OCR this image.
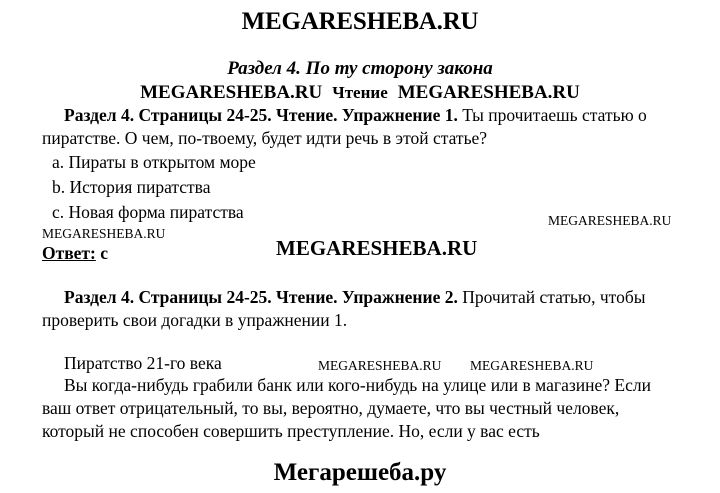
MEGARESHEBA.RU
Раздел 4. По ту сторону закона
MEGARESHEBA.RU Чтение MEGARESHEBA.RU
Раздел 4. Страницы 24-25. Чтение. Упражнение 1. Ты прочитаешь статью о пиратстве. О чем, по-твоему, будет идти речь в этой статье?
a. Пираты в открытом море
b. История пиратства
c. Новая форма пиратства
Ответ: c
Раздел 4. Страницы 24-25. Чтение. Упражнение 2. Прочитай статью, чтобы проверить свои догадки в упражнении 1.
Пиратство 21-го века
Вы когда-нибудь грабили банк или кого-нибудь на улице или в магазине? Если ваш ответ отрицательный, то вы, вероятно, думаете, что вы честный человек, который не способен совершить преступление. Но, если у вас есть
MEGARESHEBA.RU
MEGARESHEBA.RU
MEGARESHEBA.RU
MEGARESHEBA.RU MEGARESHEBA.RU
Мегарешеба.ру
